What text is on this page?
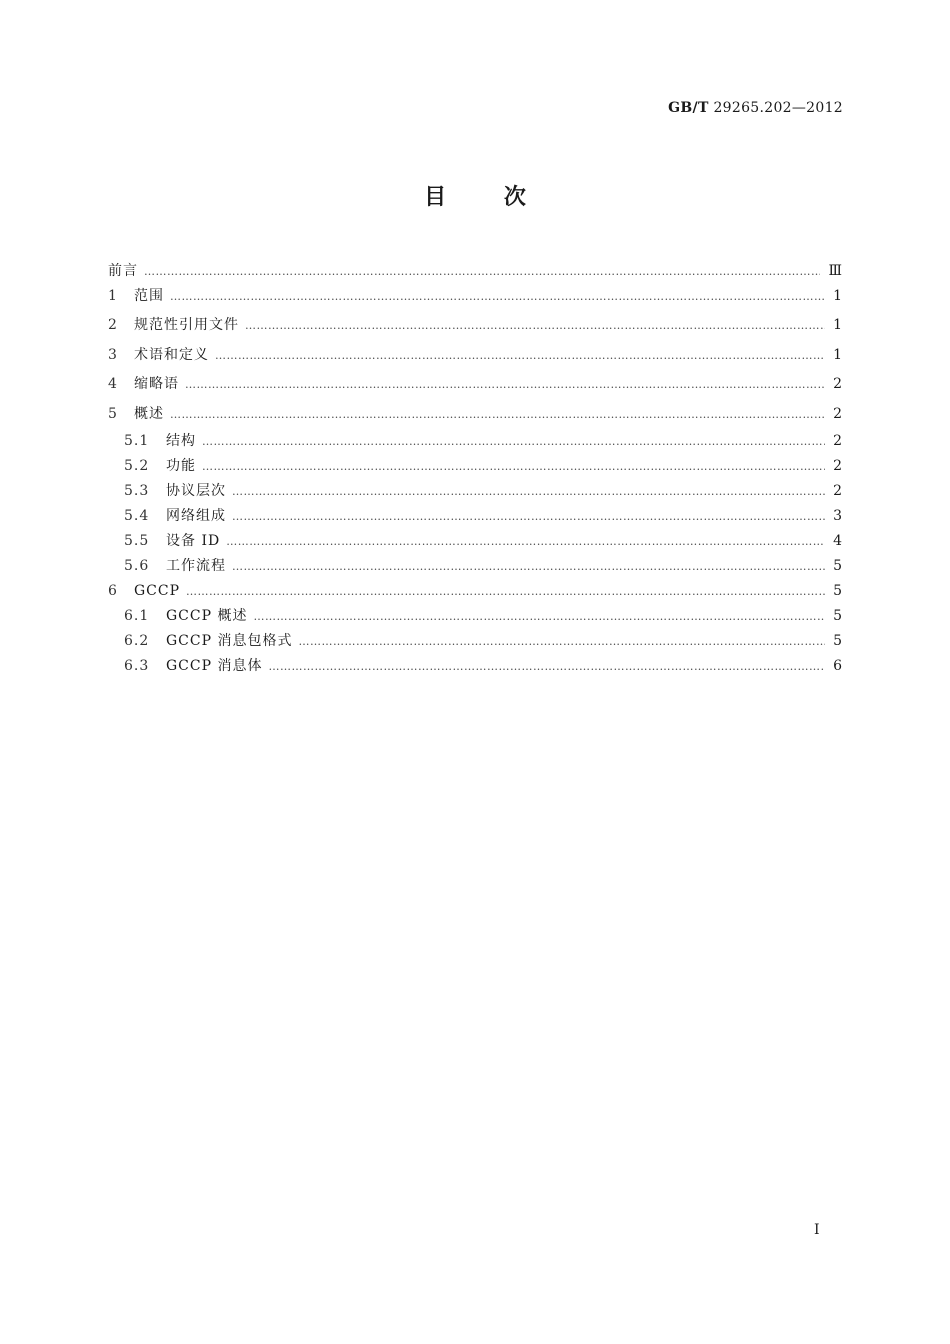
GB/T 29265.202—2012
目	次
前言 ……………………………………………………………………………………………………………………………………………………………………………………………………………………	Ⅲ
1	范围 ……………………………………………………………………………………………………………………………………………………………………………………………………………………	1
2	规范性引用文件 ……………………………………………………………………………………………………………………………………………………………………………………………………………………	1
3	术语和定义 ……………………………………………………………………………………………………………………………………………………………………………………………………………………	1
4	缩略语 ……………………………………………………………………………………………………………………………………………………………………………………………………………………	2
5	概述 ……………………………………………………………………………………………………………………………………………………………………………………………………………………	2
5.1	结构 ……………………………………………………………………………………………………………………………………………………………………………………………………………………	2
5.2	功能 ……………………………………………………………………………………………………………………………………………………………………………………………………………………	2
5.3	协议层次 ……………………………………………………………………………………………………………………………………………………………………………………………………………………	2
5.4	网络组成 ……………………………………………………………………………………………………………………………………………………………………………………………………………………	3
5.5	设备 ID ……………………………………………………………………………………………………………………………………………………………………………………………………………………	4
5.6	工作流程 ……………………………………………………………………………………………………………………………………………………………………………………………………………………	5
6	GCCP ……………………………………………………………………………………………………………………………………………………………………………………………………………………	5
6.1	GCCP 概述 ……………………………………………………………………………………………………………………………………………………………………………………………………………………	5
6.2	GCCP 消息包格式 ……………………………………………………………………………………………………………………………………………………………………………………………………………………	5
6.3	GCCP 消息体 ……………………………………………………………………………………………………………………………………………………………………………………………………………………	6
I
